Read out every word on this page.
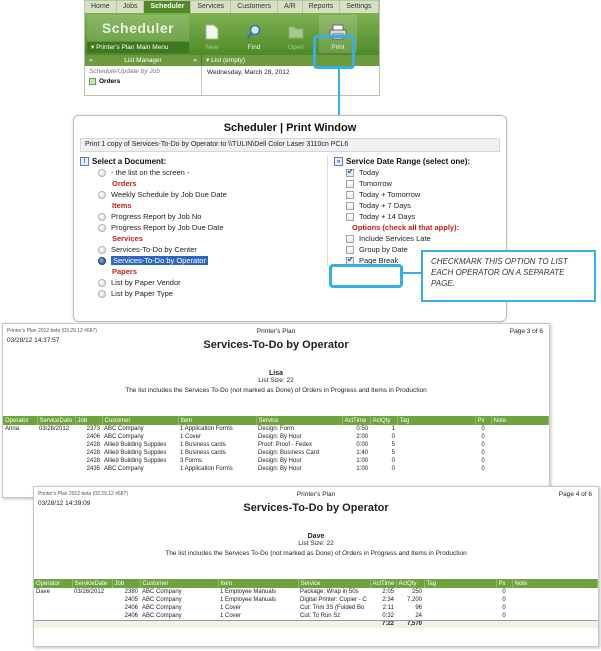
Home	Jobs	Scheduler	Services	Customers	A/R	Reports	Settings
Scheduler
▾ Printer's Plan Main Menu	New	Find	Open	Print
»	List Manager	«	▾ List (empty)
Schedule/Update by Job
Orders
Wednesday, March 28, 2012
Scheduler | Print Window
Print 1 copy of Services-To-Do by Operator to \\TULIN\Dell Color Laser 3110cn PCL6
! Select a Document:
- the list on the screen -
Orders
Weekly Schedule by Job Due Date
Items
Progress Report by Job No
Progress Report by Job Due Date
Services
Services-To-Do by Center
Services-To-Do by Operator
Papers
List by Paper Vendor
List by Paper Type
» Service Date Range (select one):
✔
Today
Tomorrow
Today + Tomorrow
Today + 7 Days
Today + 14 Days
Options (check all that apply):
Include Services Late
Group by Date
✔
Page Break
Printer's Plan 2012 beta (03.29.12 #687)
03/28/12 14:37:57
Printer's Plan
Services-To-Do by Operator
Page 3 of 6
Lisa
List Size: 22
The list includes the Services To-Do (not marked as Done) of Orders in Progress and Items in Production
Operator	ServiceDate	Job	Customer	Item	Service	ActTime	ActQty	Tag	Px	Note
Anna	03/28/2012	2373	ABC Company	1 Application Forms	Design: Form	0:50	1		0	
		2406	ABC Company	1 Cover	Design: By Hour	2:00	0		0	
		2428	Allied Building Supplies	1 Business cards	Proof: Proof - Fedex	0:00	5		0	
		2428	Allied Building Supplies	1 Business cards	Design: Business Card	1:40	5		0	
		2428	Allied Building Supplies	3 Forms	Design: By Hour	1:00	0		0	
		2435	ABC Company	1 Application Forms	Design: By Hour	1:00	0		0	
Printer's Plan 2012 beta (03.29.12 #687)
03/28/12 14:39:09
Printer's Plan
Services-To-Do by Operator
Page 4 of 6
Dave
List Size: 22
The list includes the Services To-Do (not marked as Done) of Orders in Progress and Items in Production
Operator	ServiceDate	Job	Customer	Item	Service	ActTime	ActQty	Tag	Px	Note
Dave	03/28/2012	2380	ABC Company	1 Employee Manuals	Package: Wrap in 50s	2:05	250		0	
		2405	ABC Company	1 Employee Manuals	Digital Printer: Copier - C	2:34	7,200		0	
		2406	ABC Company	1 Cover	Cut: Trim 3S (Folded Bo	2:11	96		0	
		2406	ABC Company	1 Cover	Cut: To Run Sz	0:32	24		0	
						7:22	7,570			
CHECKMARK THIS OPTION TO LIST EACH OPERATOR ON A SEPARATE PAGE.
